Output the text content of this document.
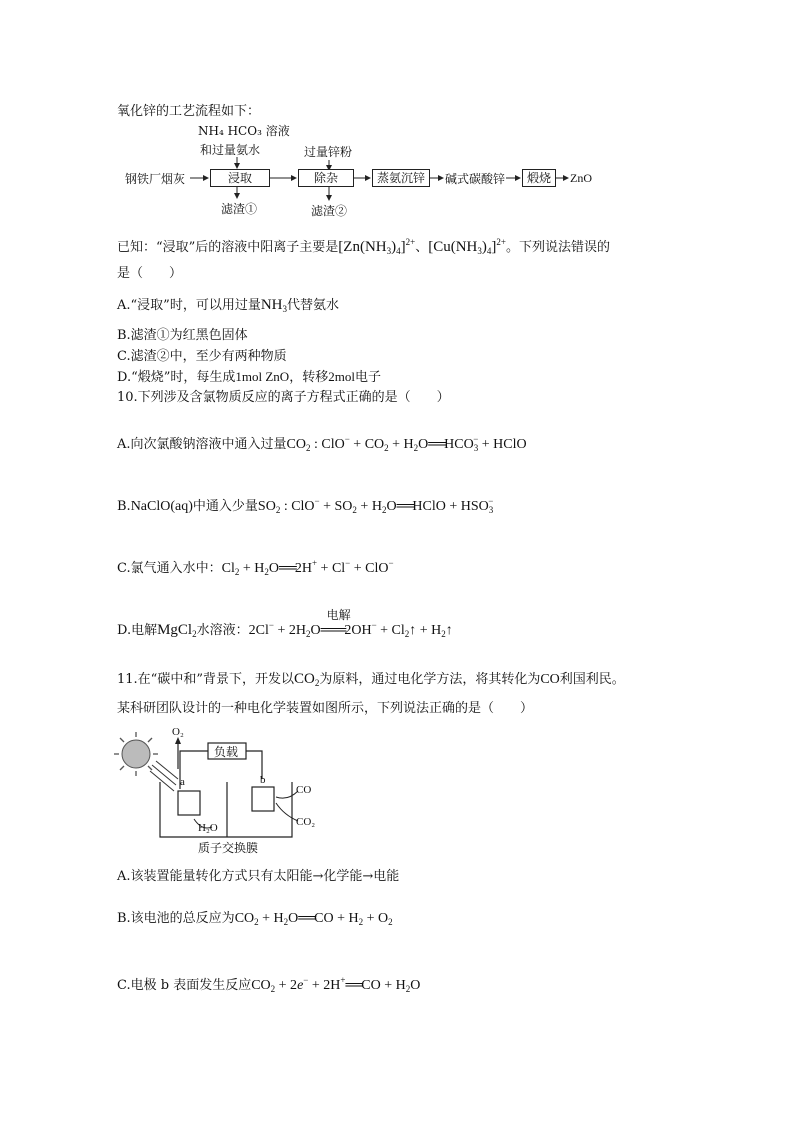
氧化锌的工艺流程如下：
NH₄ HCO₃ 溶液
和过量氨水	过量锌粉
钢铁厂烟灰	浸取	除杂	蒸氨沉锌	碱式碳酸锌	煅烧	ZnO
滤渣①	滤渣②
已知：“浸取”后的溶液中阳离子主要是$[Zn(NH_3)_4]^{2+}$、$[Cu(NH_3)_4]^{2+}$。下列说法错误的
是（　　）
A.“浸取”时，可以用过量$NH_3$代替氨水
B.滤渣①为红黑色固体
C.滤渣②中，至少有两种物质
D.“煅烧”时，每生成1mol ZnO，转移2mol电子
10.下列涉及含氯物质反应的离子方程式正确的是（　　）
A.向次氯酸钠溶液中通入过量$CO_2$ : $ClO^- + CO_2$ + $H_2O══HCO_3^-$ + HClO
B.NaClO(aq)中通入少量$SO_2$ : $ClO^- + SO_2$ + $H_2O══HClO + HSO_3^-$
C.氯气通入水中：$Cl_2$ + $H_2O══2H^+ + Cl^- + ClO^-$
D.电解MgCl$_2$水溶液：$2Cl^- + 2H_2O$
电解
═══2OH− + $Cl_2↑$ + $H_2↑$
11.在“碳中和”背景下，开发以$CO_2$为原料，通过电化学方法，将其转化为CO利国利民。
某科研团队设计的一种电化学装置如图所示，下列说法正确的是（　　）
负载
O₂
a	b
CO
CO₂
H₂O
质子交换膜
A.该装置能量转化方式只有太阳能→化学能→电能
B.该电池的总反应为$CO_2$ + $H_2O══CO + H_2 + O_2$
C.电极 b 表面发生反应$CO_2 + 2e^-$ + 2H+══CO + $H_2O$
